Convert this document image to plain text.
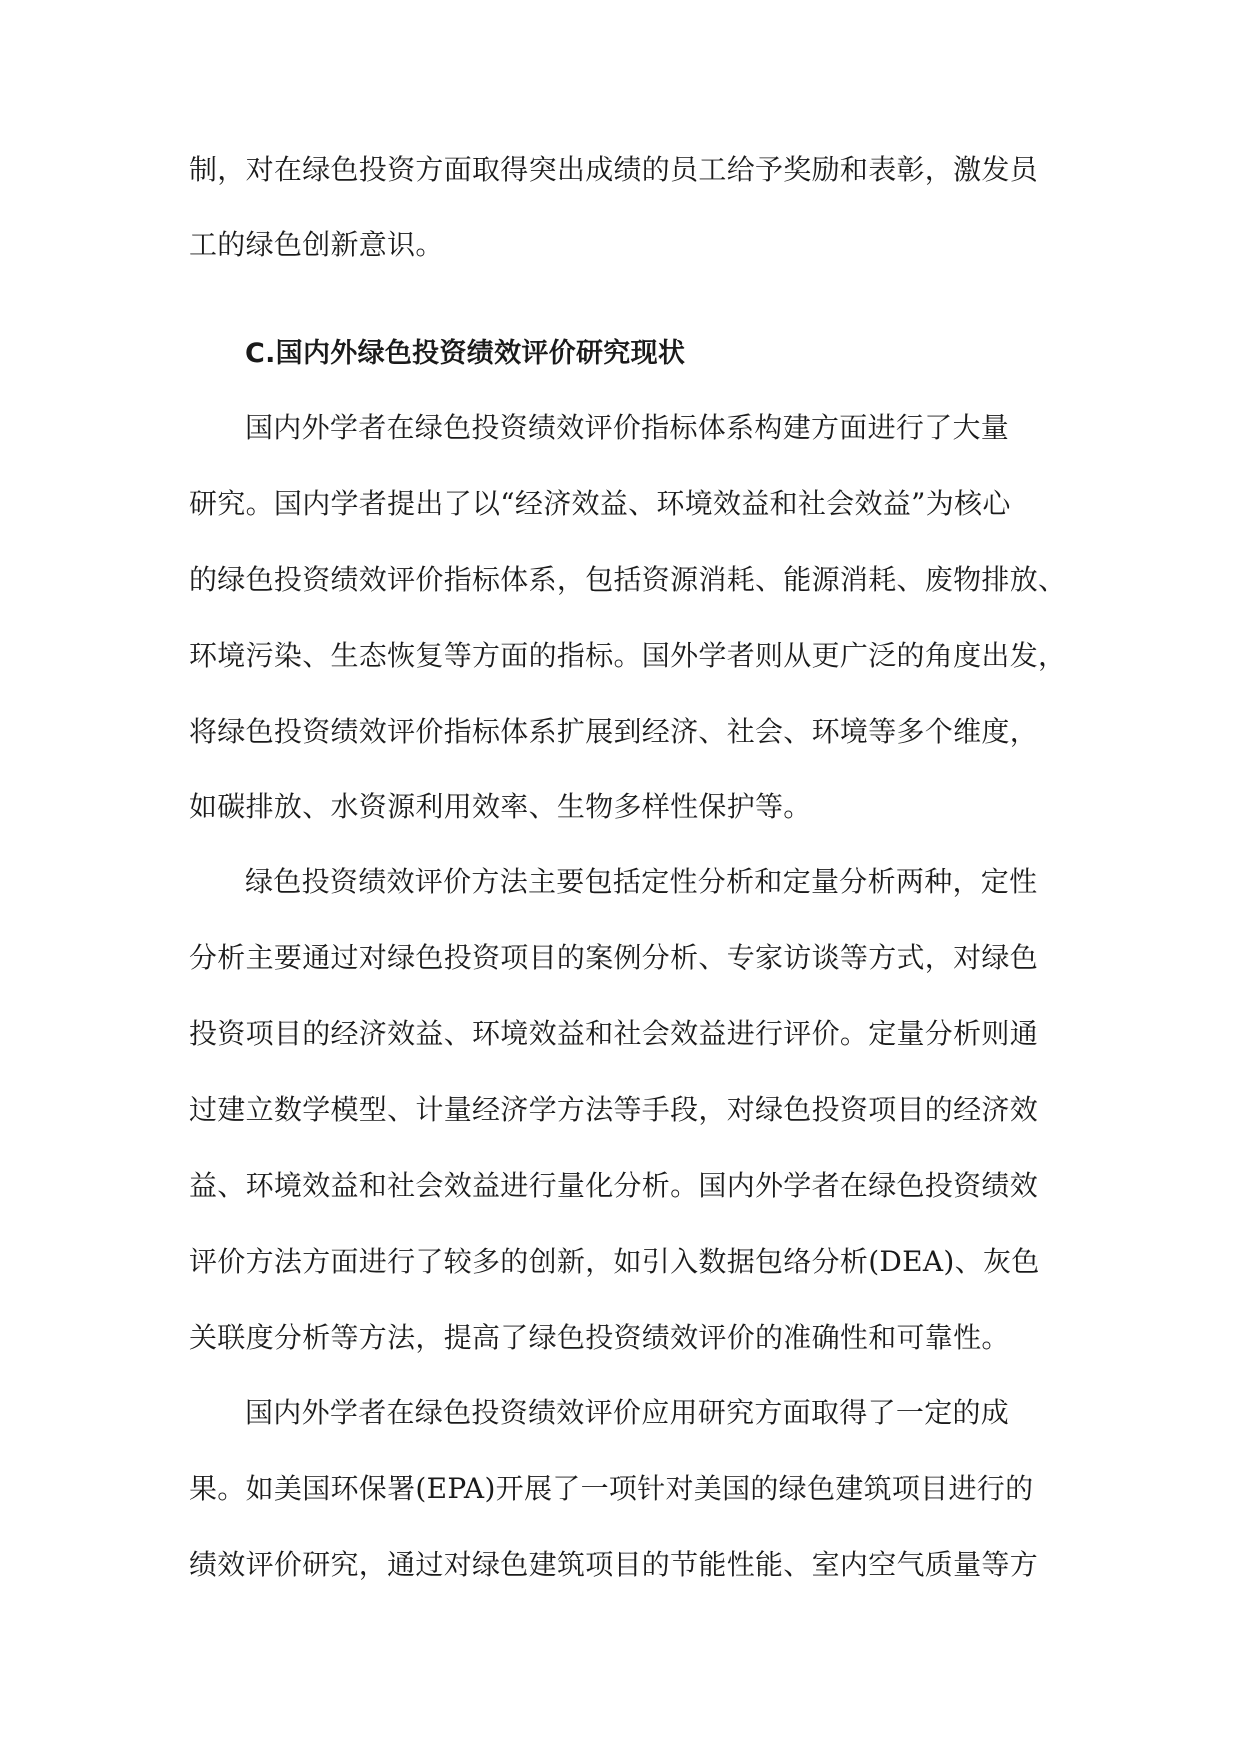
制，对在绿色投资方面取得突出成绩的员工给予奖励和表彰，激发员
工的绿色创新意识。
C.国内外绿色投资绩效评价研究现状
国内外学者在绿色投资绩效评价指标体系构建方面进行了大量
研究。国内学者提出了以“经济效益、环境效益和社会效益”为核心
的绿色投资绩效评价指标体系，包括资源消耗、能源消耗、废物排放、
环境污染、生态恢复等方面的指标。国外学者则从更广泛的角度出发，
将绿色投资绩效评价指标体系扩展到经济、社会、环境等多个维度，
如碳排放、水资源利用效率、生物多样性保护等。
绿色投资绩效评价方法主要包括定性分析和定量分析两种，定性
分析主要通过对绿色投资项目的案例分析、专家访谈等方式，对绿色
投资项目的经济效益、环境效益和社会效益进行评价。定量分析则通
过建立数学模型、计量经济学方法等手段，对绿色投资项目的经济效
益、环境效益和社会效益进行量化分析。国内外学者在绿色投资绩效
评价方法方面进行了较多的创新，如引入数据包络分析(DEA)、灰色
关联度分析等方法，提高了绿色投资绩效评价的准确性和可靠性。
国内外学者在绿色投资绩效评价应用研究方面取得了一定的成
果。如美国环保署(EPA)开展了一项针对美国的绿色建筑项目进行的
绩效评价研究，通过对绿色建筑项目的节能性能、室内空气质量等方
